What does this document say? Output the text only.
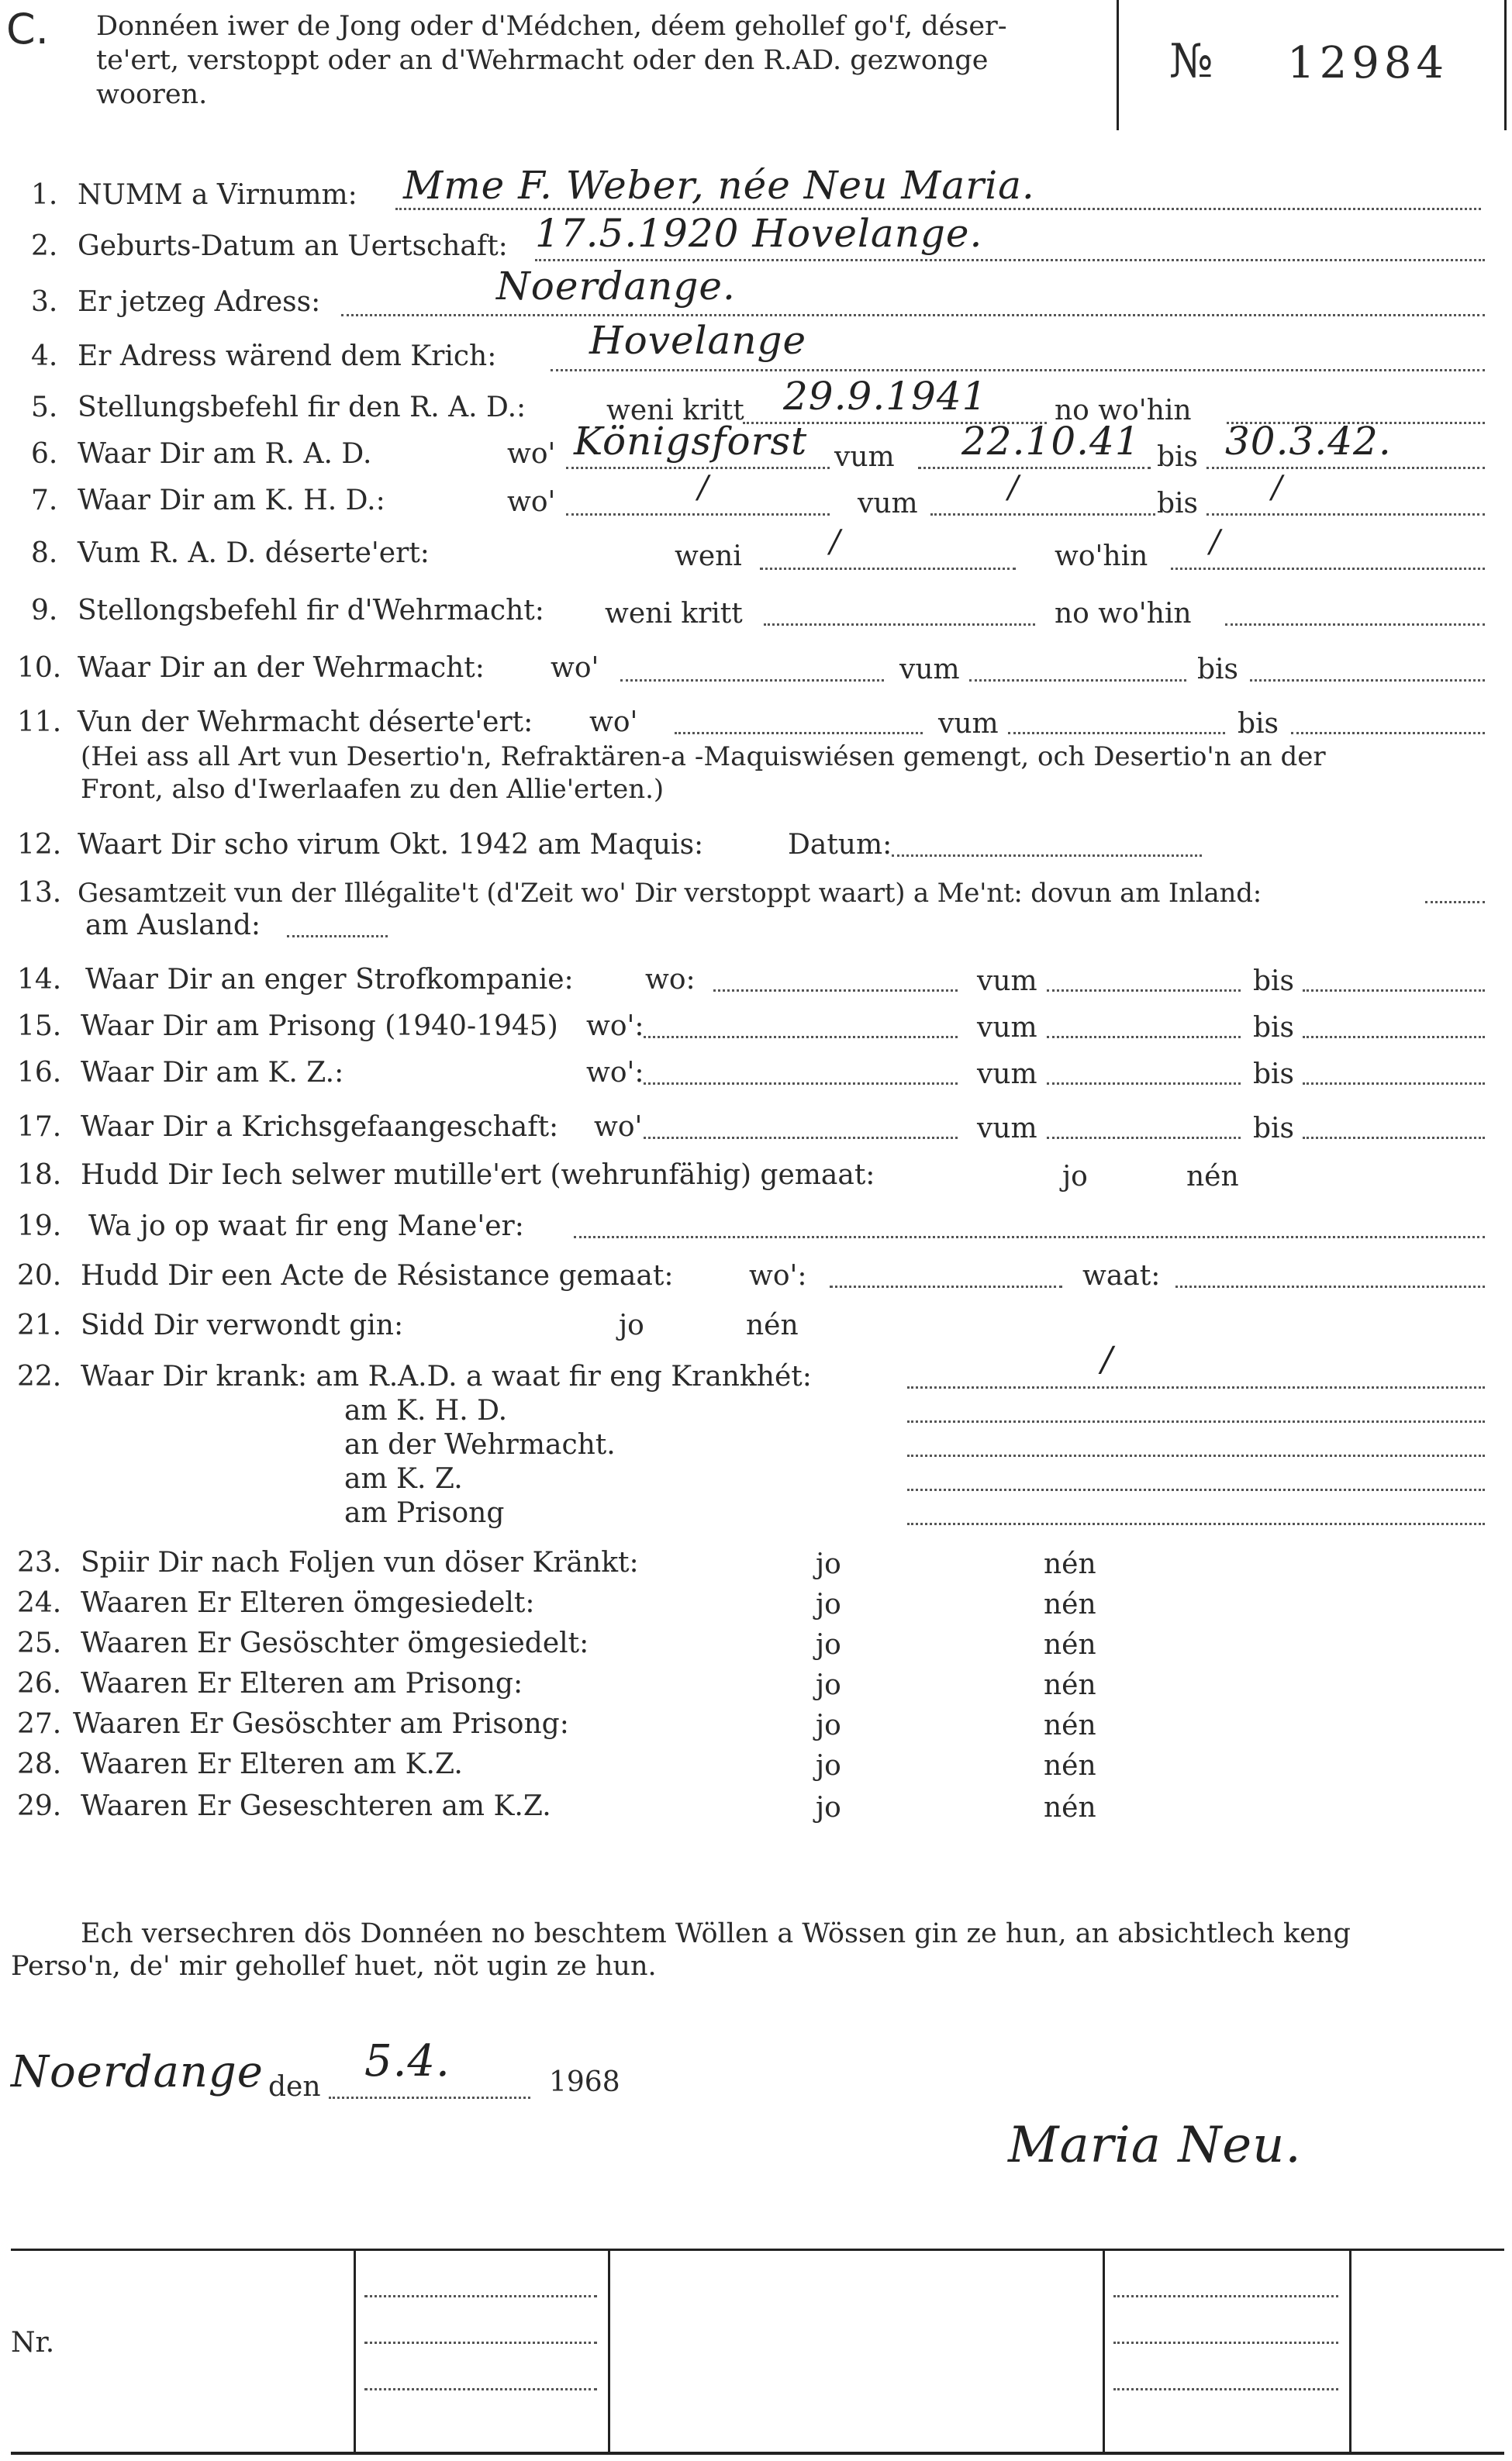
C. Donnéen iwer de Jong oder d'Médchen, déem gehollef go'f, déser-
te'ert, verstoppt oder an d'Wehrmacht oder den R.AD. gezwonge
wooren.
№ 12984
1. NUMM a Virnumm: Mme F. Weber, née Neu Maria.
2. Geburts-Datum an Uertschaft: 17.5.1920 Hovelange.
3. Er jetzeg Adress:	Noerdange.
4. Er Adress wärend dem Krich: Hovelange
5. Stellungsbefehl fir den R. A. D.:	weni kritt 29.9.1941 no wo'hin
6. Waar Dir am R. A. D.	wo' Königsforst vum 22.10.41 bis 30.3.42.
7. Waar Dir am K. H. D.:	wo'	/	vum	/	bis /
8. Vum R. A. D. déserte'ert:	weni	/	wo'hin /
9. Stellongsbefehl fir d'Wehrmacht: weni kritt	no wo'hin
10. Waar Dir an der Wehrmacht: wo'	vum	bis
11. Vun der Wehrmacht déserte'ert: wo'	vum	bis
(Hei ass all Art vun Desertio'n, Refraktären-a -Maquiswiésen gemengt, och Desertio'n an der
Front, also d'Iwerlaafen zu den Allie'erten.)
12. Waart Dir scho virum Okt. 1942 am Maquis:	Datum:
13. Gesamtzeit vun der Illégalite't (d'Zeit wo' Dir verstoppt waart) a Me'nt: dovun am Inland:
am Ausland:
14. Waar Dir an enger Strofkompanie:	wo:	vum	bis
15. Waar Dir am Prisong (1940-1945) wo':	vum	bis
16. Waar Dir am K. Z.:	wo':	vum	bis
17. Waar Dir a Krichsgefaangeschaft: wo'	vum	bis
18. Hudd Dir Iech selwer mutille'ert (wehrunfähig) gemaat:	jo	nén
19. Wa jo op waat fir eng Mane'er:
20. Hudd Dir een Acte de Résistance gemaat:	wo':	waat:
21. Sidd Dir verwondt gin:	jo	nén
22. Waar Dir krank: am R.A.D. a waat fir eng Krankhét:	/
am K. H. D.
an der Wehrmacht.
am K. Z.
am Prisong
23. Spiir Dir nach Foljen vun döser Kränkt:	jo	nén
24. Waaren Er Elteren ömgesiedelt:	jo	nén
25. Waaren Er Gesöschter ömgesiedelt:	jo	nén
26. Waaren Er Elteren am Prisong:	jo	nén
27. Waaren Er Gesöschter am Prisong:	jo	nén
28. Waaren Er Elteren am K.Z.	jo	nén
29. Waaren Er Geseschteren am K.Z.	jo	nén
Ech versechren dös Donnéen no beschtem Wöllen a Wössen gin ze hun, an absichtlech keng
Perso'n, de' mir gehollef huet, nöt ugin ze hun.
Noerdange den
5.4.	1968
Maria Neu.
Nr.
